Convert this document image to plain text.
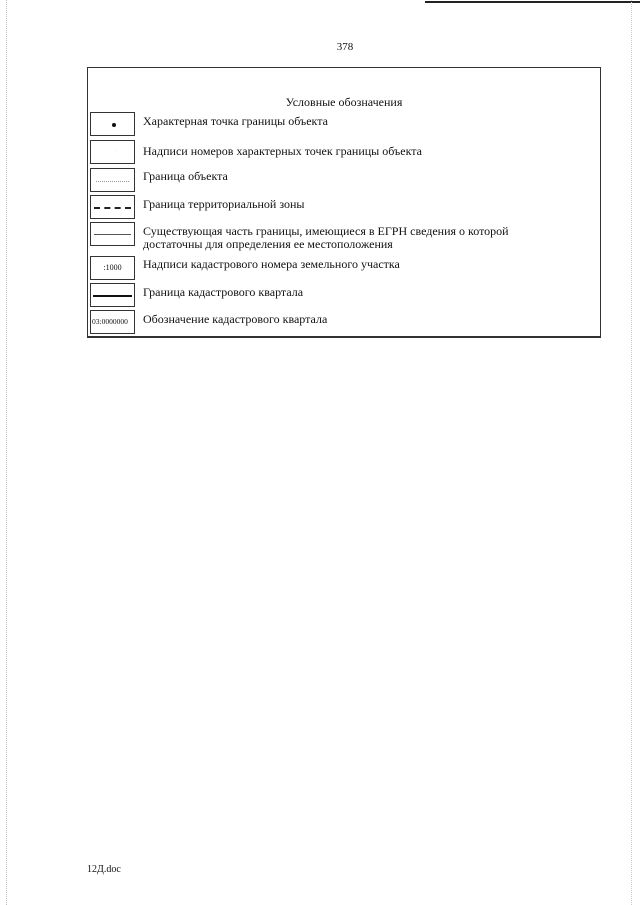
378
Условные обозначения
Характерная точка границы объекта
· Надписи номеров характерных точек границы объекта
Граница объекта
Граница территориальной зоны
Существующая часть границы, имеющиеся в ЕГРН сведения о которой
достаточны для определения ее местоположения
:1000	Надписи кадастрового номера земельного участка
Граница кадастрового квартала
03:0000000	Обозначение кадастрового квартала
12Д.doc
